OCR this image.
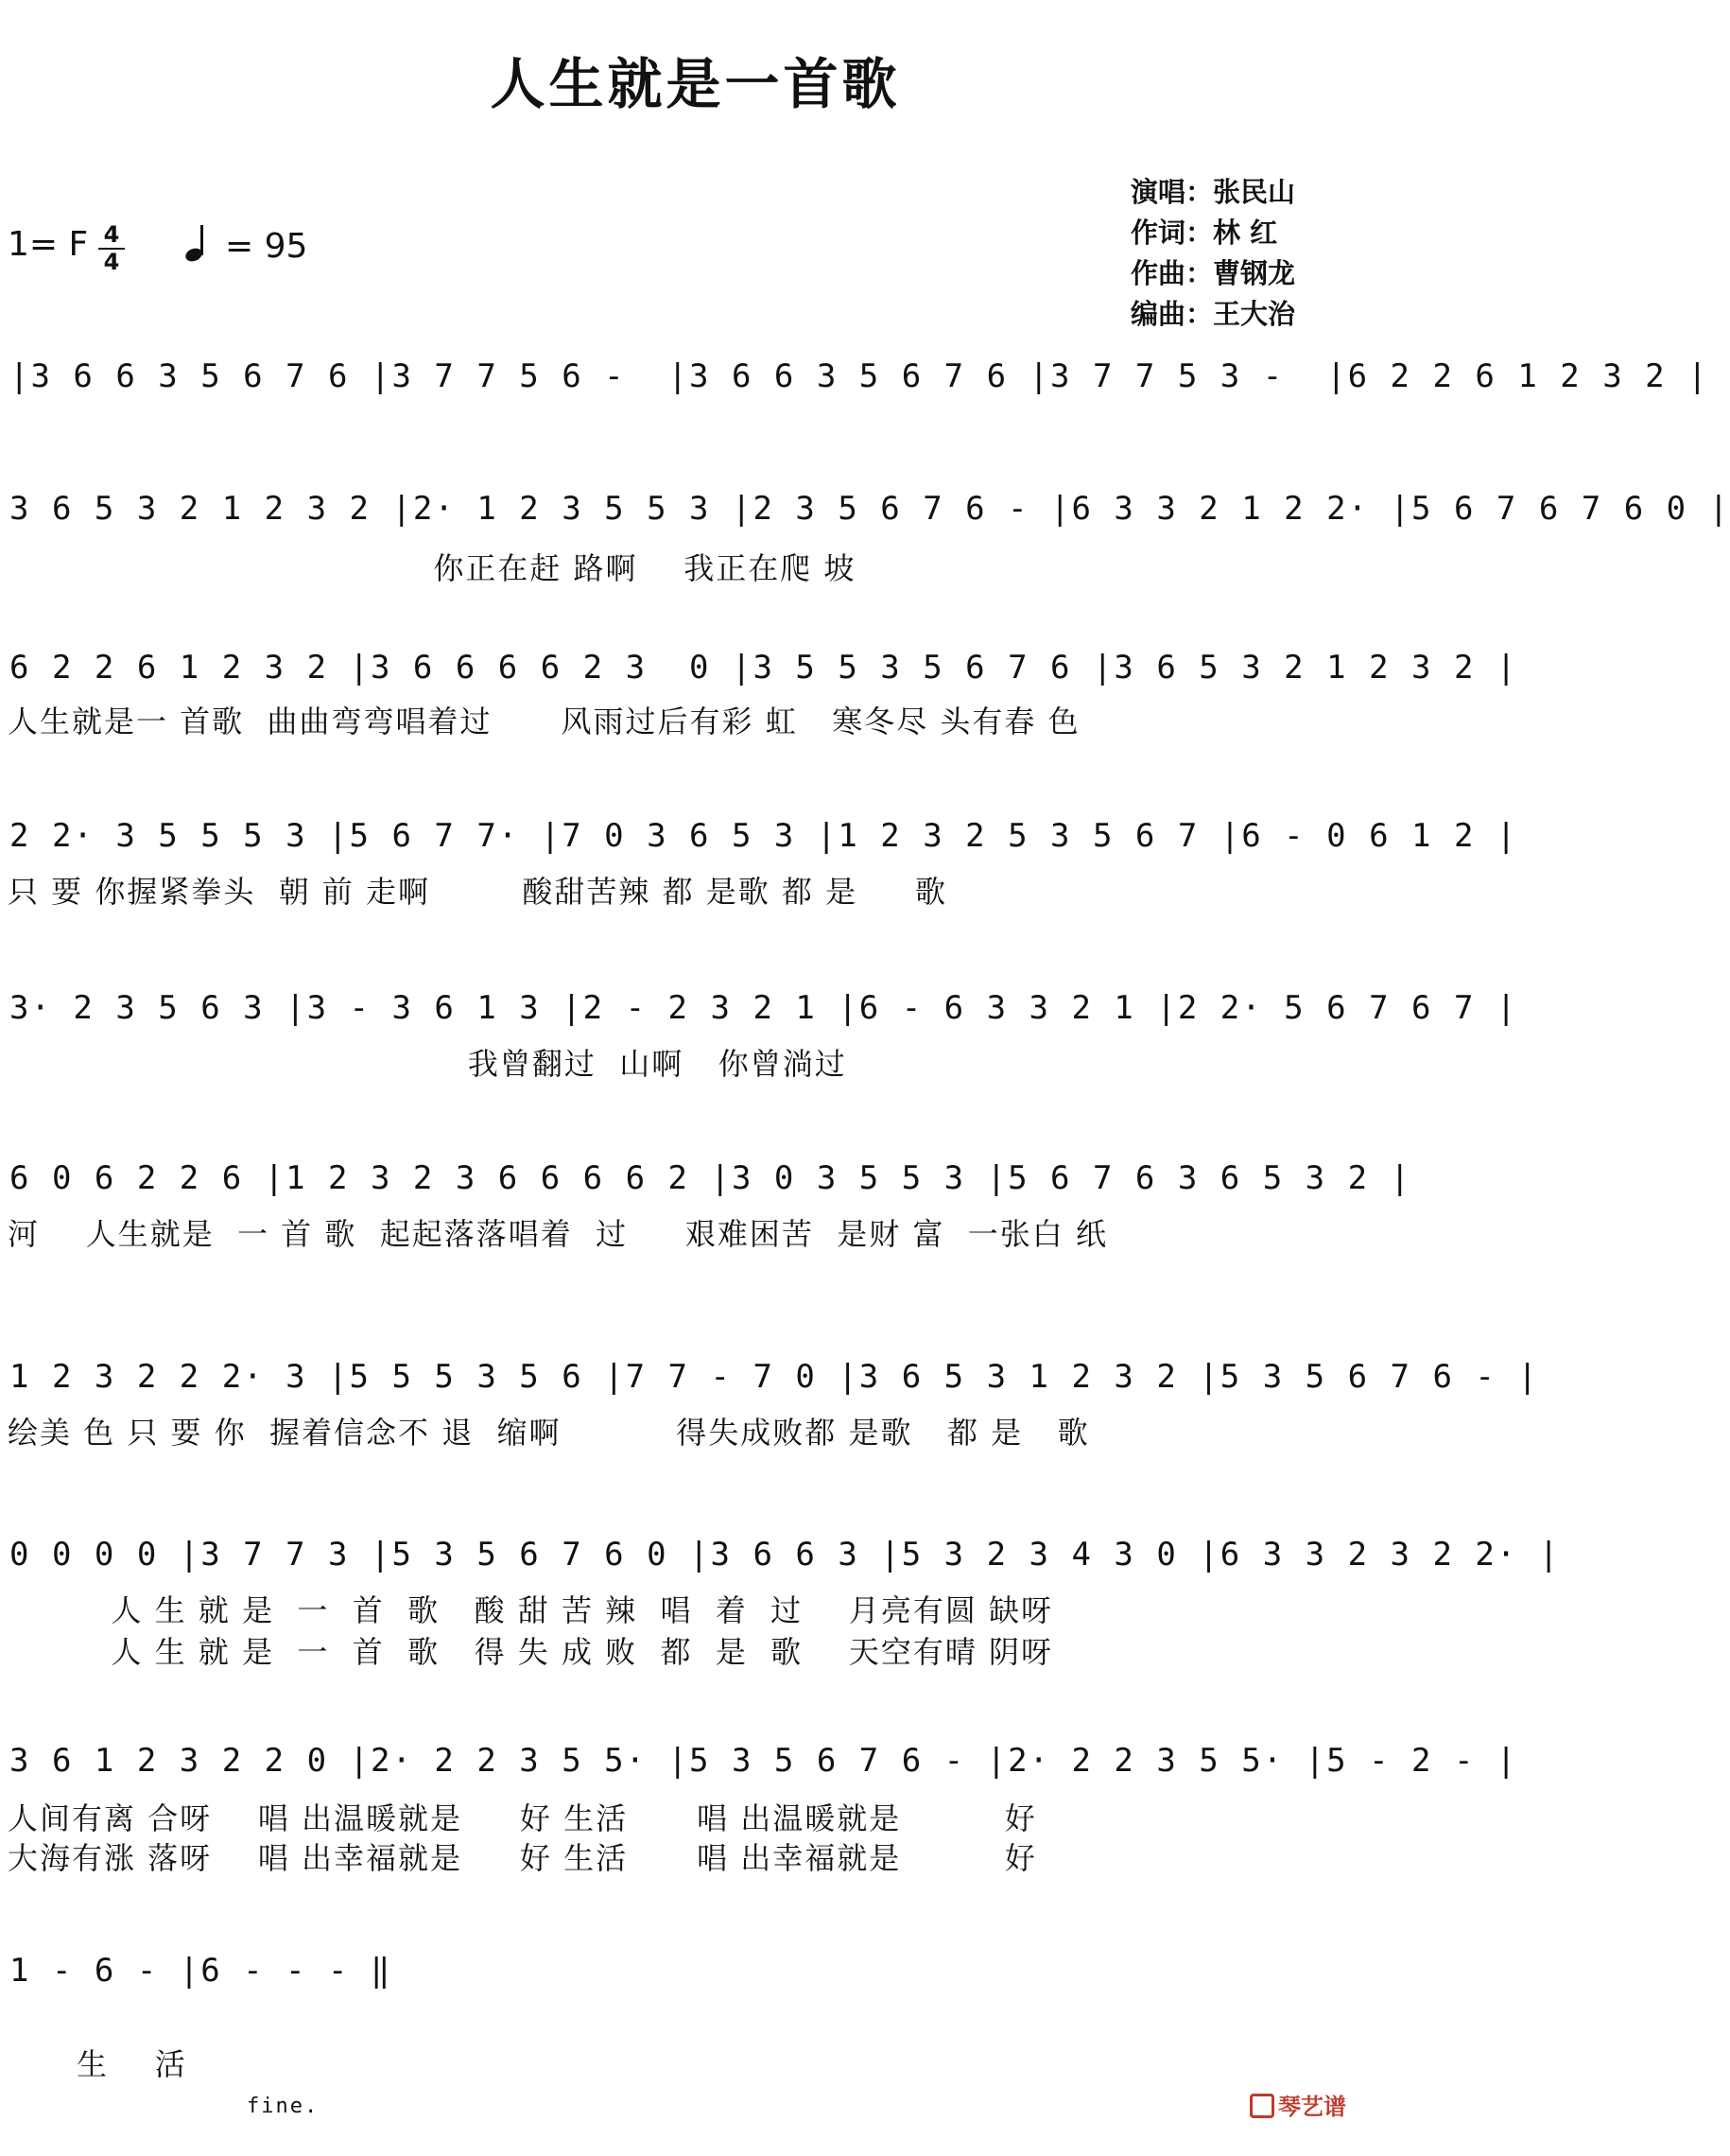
人生就是一首歌
1= F 4
4	= 95
演唱：张民山
作词：林 红
作曲：曹钢龙
编曲：王大治
|3 6 6 3 5 6 7 6 |3 7 7 5 6 -  |3 6 6 3 5 6 7 6 |3 7 7 5 3 -  |6 2 2 6 1 2 3 2 |
3 6 5 3 2 1 2 3 2 |2· 1 2 3 5 5 3 |2 3 5 6 7 6 - |6 3 3 2 1 2 2· |5 6 7 6 7 6 0 |
你正在赶 路啊    我正在爬 坡
6 2 2 6 1 2 3 2 |3 6 6 6 6 2 3  0 |3 5 5 3 5 6 7 6 |3 6 5 3 2 1 2 3 2 |
人生就是一 首歌  曲曲弯弯唱着过      风雨过后有彩 虹   寒冬尽 头有春 色
2 2· 3 5 5 5 3 |5 6 7 7· |7 0 3 6 5 3 |1 2 3 2 5 3 5 6 7 |6 - 0 6 1 2 |
只 要 你握紧拳头  朝 前 走啊        酸甜苦辣 都 是歌 都 是     歌
3· 2 3 5 6 3 |3 - 3 6 1 3 |2 - 2 3 2 1 |6 - 6 3 3 2 1 |2 2· 5 6 7 6 7 |
我曾翻过  山啊   你曾淌过
6 0 6 2 2 6 |1 2 3 2 3 6 6 6 6 2 |3 0 3 5 5 3 |5 6 7 6 3 6 5 3 2 |
河    人生就是  一 首 歌  起起落落唱着  过     艰难困苦  是财 富  一张白 纸
1 2 3 2 2 2· 3 |5 5 5 3 5 6 |7 7 - 7 0 |3 6 5 3 1 2 3 2 |5 3 5 6 7 6 - |
绘美 色 只 要 你  握着信念不 退  缩啊          得失成败都 是歌   都 是   歌
0 0 0 0 |3 7 7 3 |5 3 5 6 7 6 0 |3 6 6 3 |5 3 2 3 4 3 0 |6 3 3 2 3 2 2· |
人 生 就 是  一  首  歌   酸 甜 苦 辣  唱  着  过    月亮有圆 缺呀
人 生 就 是  一  首  歌   得 失 成 败  都  是  歌    天空有晴 阴呀
3 6 1 2 3 2 2 0 |2· 2 2 3 5 5· |5 3 5 6 7 6 - |2· 2 2 3 5 5· |5 - 2 - |
人间有离 合呀    唱 出温暖就是     好 生活      唱 出温暖就是         好
大海有涨 落呀    唱 出幸福就是     好 生活      唱 出幸福就是         好
1 - 6 - |6 - - - ‖

生    活
fine.
	琴艺谱
